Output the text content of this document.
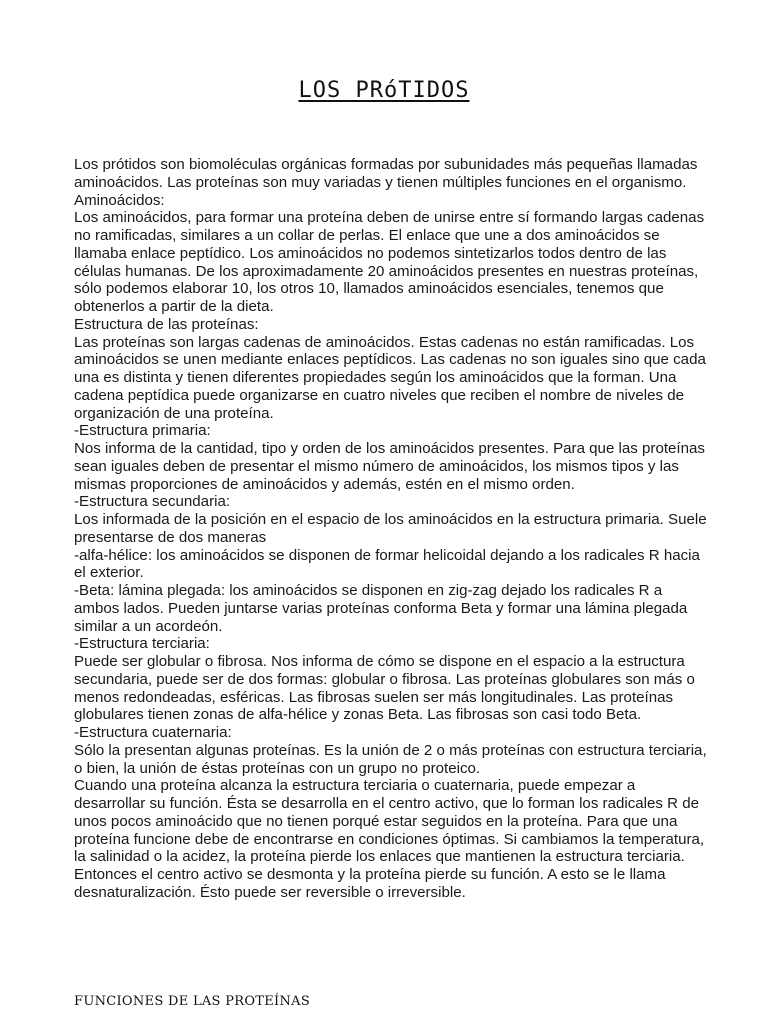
LOS PRóTIDOS

Los prótidos son biomoléculas orgánicas formadas por subunidades más pequeñas llamadas aminoácidos. Las proteínas son muy variadas y tienen múltiples funciones en el organismo.

Aminoácidos:

Los aminoácidos, para formar una proteína deben de unirse entre sí formando largas cadenas no ramificadas, similares a un collar de perlas. El enlace que une a dos aminoácidos se llamaba enlace peptídico. Los aminoácidos no podemos sintetizarlos todos dentro de las células humanas. De los aproximadamente 20 aminoácidos presentes en nuestras proteínas, sólo podemos elaborar 10, los otros 10, llamados aminoácidos esenciales, tenemos que obtenerlos a partir de la dieta.

Estructura de las proteínas:

Las proteínas son largas cadenas de aminoácidos. Estas cadenas no están ramificadas. Los aminoácidos se unen mediante enlaces peptídicos. Las cadenas no son iguales sino que cada una es distinta y tienen diferentes propiedades según los aminoácidos que la forman. Una cadena peptídica puede organizarse en cuatro niveles que reciben el nombre de niveles de organización de una proteína.

-Estructura primaria:

Nos informa de la cantidad, tipo y orden de los aminoácidos presentes. Para que las proteínas sean iguales deben de presentar el mismo número de aminoácidos, los mismos tipos y las mismas proporciones de aminoácidos y además, estén en el mismo orden.

-Estructura secundaria:

Los informada de la posición en el espacio de los aminoácidos en la estructura primaria. Suele presentarse de dos maneras

-alfa-hélice: los aminoácidos se disponen de formar helicoidal dejando a los radicales R hacia el exterior.

-Beta: lámina plegada: los aminoácidos se disponen en zig-zag dejado los radicales R a ambos lados. Pueden juntarse varias proteínas conforma Beta y formar una lámina plegada similar a un acordeón.

-Estructura terciaria:

Puede ser globular o fibrosa. Nos informa de cómo se dispone en el espacio a la estructura secundaria, puede ser de dos formas: globular o fibrosa. Las proteínas globulares son más o menos redondeadas, esféricas. Las fibrosas suelen ser más longitudinales. Las proteínas globulares tienen zonas de alfa-hélice y zonas Beta. Las fibrosas son casi todo Beta.

-Estructura cuaternaria:

Sólo la presentan algunas proteínas. Es la unión de 2 o más proteínas con estructura terciaria, o bien, la unión de éstas proteínas con un grupo no proteico.

Cuando una proteína alcanza la estructura terciaria o cuaternaria, puede empezar a desarrollar su función. Ésta se desarrolla en el centro activo, que lo forman los radicales R de unos pocos aminoácido que no tienen porqué estar seguidos en la proteína. Para que una proteína funcione debe de encontrarse en condiciones óptimas. Si cambiamos la temperatura, la salinidad o la acidez, la proteína pierde los enlaces que mantienen la estructura terciaria. Entonces el centro activo se desmonta y la proteína pierde su función. A esto se le llama desnaturalización. Ésto puede ser reversible o irreversible.

FUNCIONES DE LAS PROTEÍNAS
